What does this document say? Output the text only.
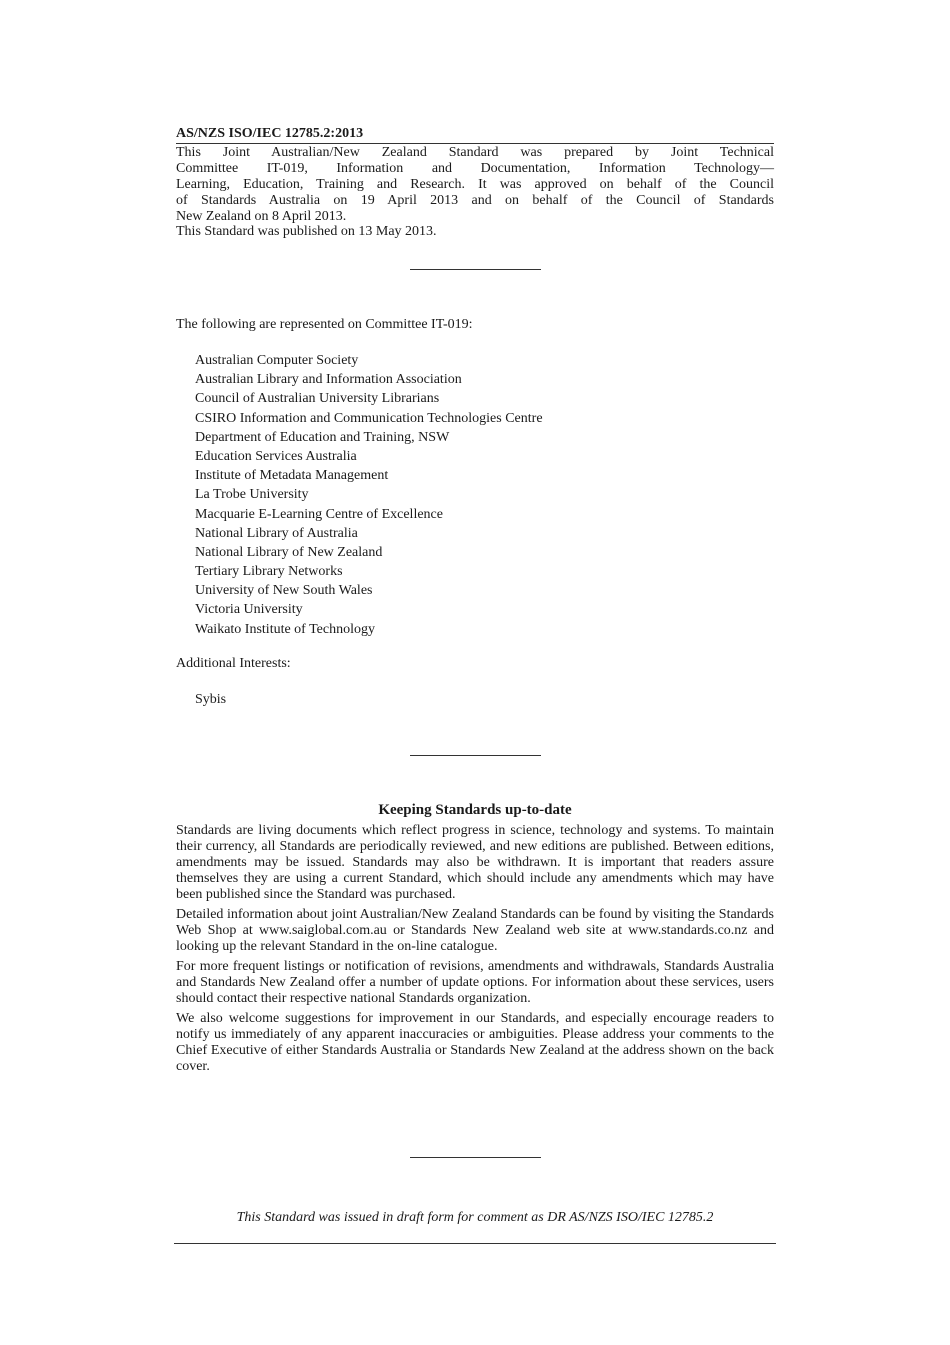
AS/NZS ISO/IEC 12785.2:2013
This Joint Australian/New Zealand Standard was prepared by Joint Technical
Committee IT-019, Information and Documentation, Information Technology—
Learning, Education, Training and Research. It was approved on behalf of the Council
of Standards Australia on 19 April 2013 and on behalf of the Council of Standards
New Zealand on 8 April 2013.
This Standard was published on 13 May 2013.
The following are represented on Committee IT-019:
Australian Computer Society
Australian Library and Information Association
Council of Australian University Librarians
CSIRO Information and Communication Technologies Centre
Department of Education and Training, NSW
Education Services Australia
Institute of Metadata Management
La Trobe University
Macquarie E-Learning Centre of Excellence
National Library of Australia
National Library of New Zealand
Tertiary Library Networks
University of New South Wales
Victoria University
Waikato Institute of Technology
Additional Interests:
Sybis
Keeping Standards up-to-date

Standards are living documents which reflect progress in science, technology and systems. To maintain their currency, all Standards are periodically reviewed, and new editions are published. Between editions, amendments may be issued. Standards may also be withdrawn. It is important that readers assure themselves they are using a current Standard, which should include any amendments which may have been published since the Standard was purchased.

Detailed information about joint Australian/New Zealand Standards can be found by visiting the Standards Web Shop at www.saiglobal.com.au or Standards New Zealand web site at www.standards.co.nz and looking up the relevant Standard in the on-line catalogue.

For more frequent listings or notification of revisions, amendments and withdrawals, Standards Australia and Standards New Zealand offer a number of update options. For information about these services, users should contact their respective national Standards organization.

We also welcome suggestions for improvement in our Standards, and especially encourage readers to notify us immediately of any apparent inaccuracies or ambiguities. Please address your comments to the Chief Executive of either Standards Australia or Standards New Zealand at the address shown on the back cover.

This Standard was issued in draft form for comment as DR AS/NZS ISO/IEC 12785.2
